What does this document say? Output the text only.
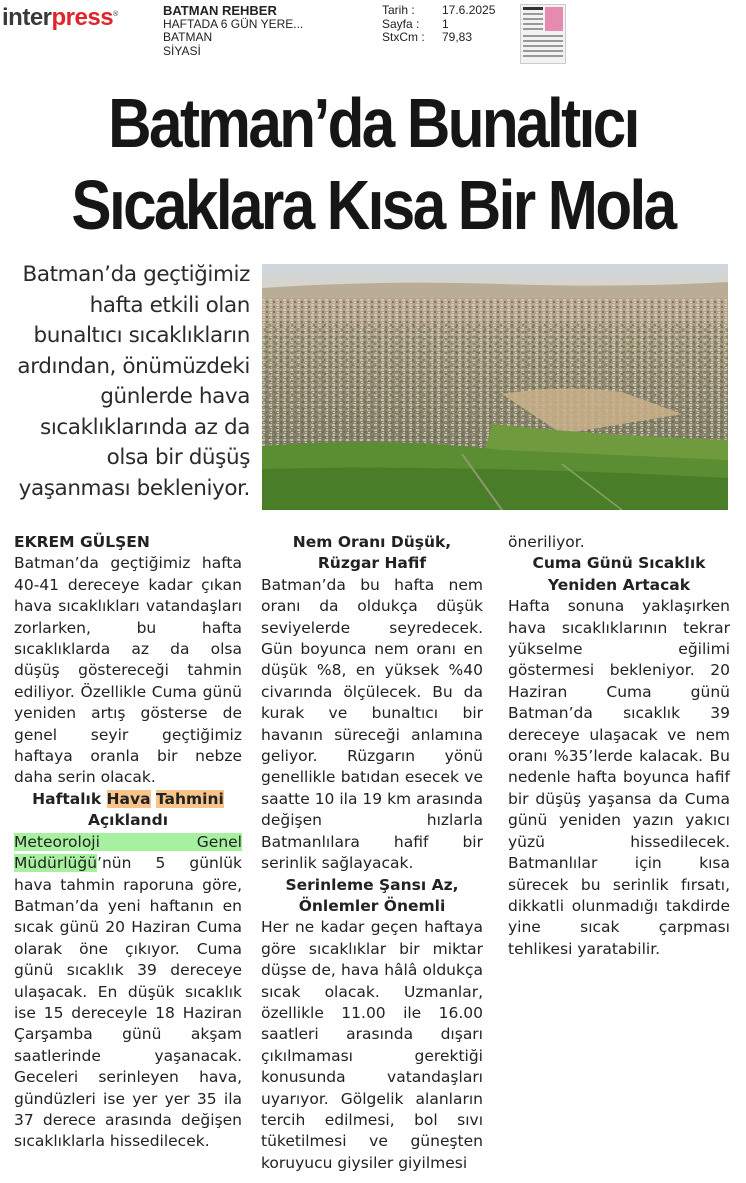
interpress®	BATMAN REHBER
HAFTADA 6 GÜN YERE...
BATMAN
SİYASİ
Tarih :	17.6.2025
Sayfa :	1
StxCm :	79,83
Batman’da Bunaltıcı
Sıcaklara Kısa Bir Mola
Batman’da geçtiğimiz hafta etkili olan bunaltıcı sıcaklıkların ardından, önümüzdeki günlerde hava sıcaklıklarında az da olsa bir düşüş yaşanması bekleniyor.

EKREM GÜLŞEN

Batman’da geçtiğimiz hafta 40-41 dereceye kadar çıkan hava sıcaklıkları vatandaşları zorlarken, bu hafta sıcaklıklarda az da olsa düşüş göstereceği tahmin ediliyor. Özellikle Cuma günü yeniden artış gösterse de genel seyir geçtiğimiz haftaya oranla bir nebze daha serin olacak.

Haftalık Hava Tahmini
Açıklandı

Meteoroloji Genel Müdürlüğü’nün 5 günlük hava tahmin raporuna göre, Batman’da yeni haftanın en sıcak günü 20 Haziran Cuma olarak öne çıkıyor. Cuma günü sıcaklık 39 dereceye ulaşacak. En düşük sıcaklık ise 15 dereceyle 18 Haziran Çarşamba günü akşam saatlerinde yaşanacak. Geceleri serinleyen hava, gündüzleri ise yer yer 35 ila 37 derece arasında değişen sıcaklıklarla hissedilecek.

Nem Oranı Düşük, Rüzgar Hafif

Batman’da bu hafta nem oranı da oldukça düşük seviyelerde seyredecek. Gün boyunca nem oranı en düşük %8, en yüksek %40 civarında ölçülecek. Bu da kurak ve bunaltıcı bir havanın süreceği anlamına geliyor. Rüzgarın yönü genellikle batıdan esecek ve saatte 10 ila 19 km arasında değişen hızlarla Batmanlılara hafif bir serinlik sağlayacak.

Serinleme Şansı Az, Önlemler Önemli

Her ne kadar geçen haftaya göre sıcaklıklar bir miktar düşse de, hava hâlâ oldukça sıcak olacak. Uzmanlar, özellikle 11.00 ile 16.00 saatleri arasında dışarı çıkılmaması gerektiği konusunda vatandaşları uyarıyor. Gölgelik alanların tercih edilmesi, bol sıvı tüketilmesi ve güneşten koruyucu giysiler giyilmesi

öneriliyor.

Cuma Günü Sıcaklık Yeniden Artacak

Hafta sonuna yaklaşırken hava sıcaklıklarının tekrar yükselme eğilimi göstermesi bekleniyor. 20 Haziran Cuma günü Batman’da sıcaklık 39 dereceye ulaşacak ve nem oranı %35’lerde kalacak. Bu nedenle hafta boyunca hafif bir düşüş yaşansa da Cuma günü yeniden yazın yakıcı yüzü hissedilecek. Batmanlılar için kısa sürecek bu serinlik fırsatı, dikkatli olunmadığı takdirde yine sıcak çarpması tehlikesi yaratabilir.
